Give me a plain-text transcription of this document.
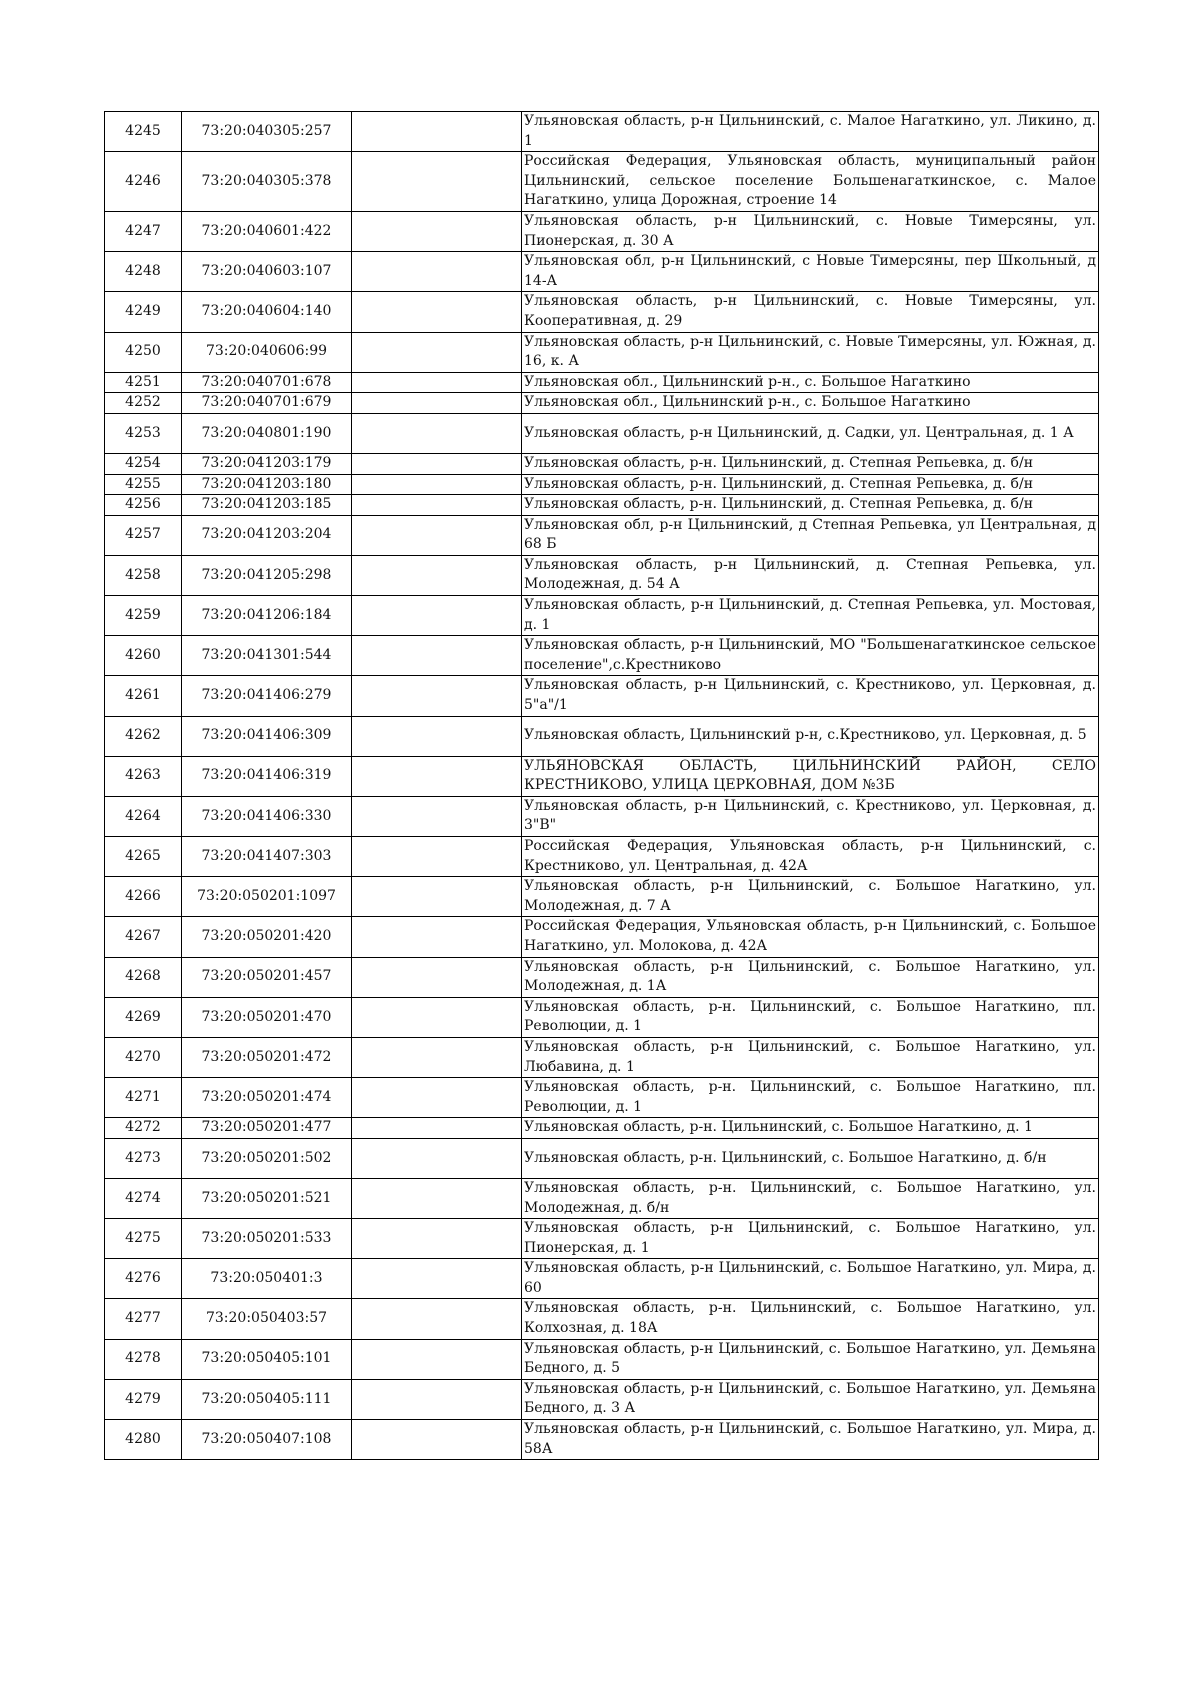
4245	73:20:040305:257		Ульяновская область, р-н Цильнинский, с. Малое Нагаткино, ул. Ликино, д. 1
4246	73:20:040305:378		Российская Федерация, Ульяновская область, муниципальный район Цильнинский, сельское поселение Большенагаткинское, с. Малое Нагаткино, улица Дорожная, строение 14
4247	73:20:040601:422		Ульяновская область, р-н Цильнинский, с. Новые Тимерсяны, ул. Пионерская, д. 30 А
4248	73:20:040603:107		Ульяновская обл, р-н Цильнинский, с Новые Тимерсяны, пер Школьный, д 14-А
4249	73:20:040604:140		Ульяновская область, р-н Цильнинский, с. Новые Тимерсяны, ул. Кооперативная, д. 29
4250	73:20:040606:99		Ульяновская область, р-н Цильнинский, с. Новые Тимерсяны, ул. Южная, д. 16, к. А
4251	73:20:040701:678		Ульяновская обл., Цильнинский р-н., с. Большое Нагаткино
4252	73:20:040701:679		Ульяновская обл., Цильнинский р-н., с. Большое Нагаткино
4253	73:20:040801:190		Ульяновская область, р-н Цильнинский, д. Садки, ул. Центральная, д. 1 А
4254	73:20:041203:179		Ульяновская область, р-н. Цильнинский, д. Степная Репьевка, д. б/н
4255	73:20:041203:180		Ульяновская область, р-н. Цильнинский, д. Степная Репьевка, д. б/н
4256	73:20:041203:185		Ульяновская область, р-н. Цильнинский, д. Степная Репьевка, д. б/н
4257	73:20:041203:204		Ульяновская обл, р-н Цильнинский, д Степная Репьевка, ул Центральная, д 68 Б
4258	73:20:041205:298		Ульяновская область, р-н Цильнинский, д. Степная Репьевка, ул. Молодежная, д. 54 А
4259	73:20:041206:184		Ульяновская область, р-н Цильнинский, д. Степная Репьевка, ул. Мостовая, д. 1
4260	73:20:041301:544		Ульяновская область, р-н Цильнинский, МО "Большенагаткинское сельское поселение",с.Крестниково
4261	73:20:041406:279		Ульяновская область, р-н Цильнинский, с. Крестниково, ул. Церковная, д. 5"а"/1
4262	73:20:041406:309		Ульяновская область, Цильнинский р-н, с.Крестниково, ул. Церковная, д. 5
4263	73:20:041406:319		УЛЬЯНОВСКАЯ ОБЛАСТЬ, ЦИЛЬНИНСКИЙ РАЙОН, СЕЛО КРЕСТНИКОВО, УЛИЦА ЦЕРКОВНАЯ, ДОМ №3Б
4264	73:20:041406:330		Ульяновская область, р-н Цильнинский, с. Крестниково, ул. Церковная, д. 3"В"
4265	73:20:041407:303		Российская Федерация, Ульяновская область, р-н Цильнинский, с. Крестниково, ул. Центральная, д. 42А
4266	73:20:050201:1097		Ульяновская область, р-н Цильнинский, с. Большое Нагаткино, ул. Молодежная, д. 7 А
4267	73:20:050201:420		Российская Федерация, Ульяновская область, р-н Цильнинский, с. Большое Нагаткино, ул. Молокова, д. 42А
4268	73:20:050201:457		Ульяновская область, р-н Цильнинский, с. Большое Нагаткино, ул. Молодежная, д. 1А
4269	73:20:050201:470		Ульяновская область, р-н. Цильнинский, с. Большое Нагаткино, пл. Революции, д. 1
4270	73:20:050201:472		Ульяновская область, р-н Цильнинский, с. Большое Нагаткино, ул. Любавина, д. 1
4271	73:20:050201:474		Ульяновская область, р-н. Цильнинский, с. Большое Нагаткино, пл. Революции, д. 1
4272	73:20:050201:477		Ульяновская область, р-н. Цильнинский, с. Большое Нагаткино, д. 1
4273	73:20:050201:502		Ульяновская область, р-н. Цильнинский, с. Большое Нагаткино, д. б/н
4274	73:20:050201:521		Ульяновская область, р-н. Цильнинский, с. Большое Нагаткино, ул. Молодежная, д. б/н
4275	73:20:050201:533		Ульяновская область, р-н Цильнинский, с. Большое Нагаткино, ул. Пионерская, д. 1
4276	73:20:050401:3		Ульяновская область, р-н Цильнинский, с. Большое Нагаткино, ул. Мира, д. 60
4277	73:20:050403:57		Ульяновская область, р-н. Цильнинский, с. Большое Нагаткино, ул. Колхозная, д. 18А
4278	73:20:050405:101		Ульяновская область, р-н Цильнинский, с. Большое Нагаткино, ул. Демьяна Бедного, д. 5
4279	73:20:050405:111		Ульяновская область, р-н Цильнинский, с. Большое Нагаткино, ул. Демьяна Бедного, д. 3 А
4280	73:20:050407:108		Ульяновская область, р-н Цильнинский, с. Большое Нагаткино, ул. Мира, д. 58А
